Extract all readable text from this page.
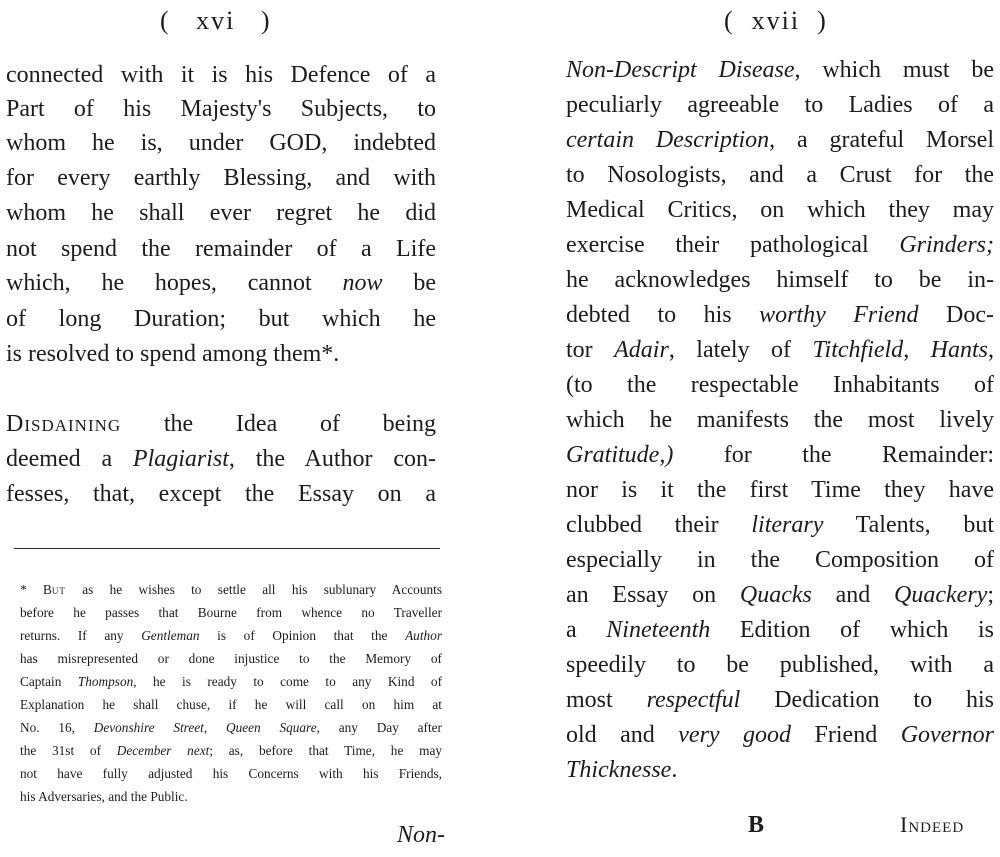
(   xvi   )
connected with it is his Defence of a
Part of his Majesty's Subjects, to
whom he is, under GOD, indebted
for every earthly Blessing, and with
whom he shall ever regret he did
not spend the remainder of a Life
which, he hopes, cannot now be
of long Duration; but which he
is resolved to spend among them*.
Disdaining the Idea of being
deemed a Plagiarist, the Author con-
fesses, that, except the Essay on a
* But as he wishes to settle all his sublunary Accounts
before he passes that Bourne from whence no Traveller
returns. If any Gentleman is of Opinion that the Author
has misrepresented or done injustice to the Memory of
Captain Thompson, he is ready to come to any Kind of
Explanation he shall chuse, if he will call on him at
No. 16, Devonshire Street, Queen Square, any Day after
the 31st of December next; as, before that Time, he may
not have fully adjusted his Concerns with his Friends,
his Adversaries, and the Public.
Non-
(  xvii  )
Non-Descript Disease, which must be
peculiarly agreeable to Ladies of a
certain Description, a grateful Morsel
to Nosologists, and a Crust for the
Medical Critics, on which they may
exercise their pathological Grinders;
he acknowledges himself to be in-
debted to his worthy Friend Doc-
tor Adair, lately of Titchfield, Hants,
(to the respectable Inhabitants of
which he manifests the most lively
Gratitude,) for the Remainder:
nor is it the first Time they have
clubbed their literary Talents, but
especially in the Composition of
an Essay on Quacks and Quackery;
a Nineteenth Edition of which is
speedily to be published, with a
most respectful Dedication to his
old and very good Friend Governor
Thicknesse.
B	Indeed
